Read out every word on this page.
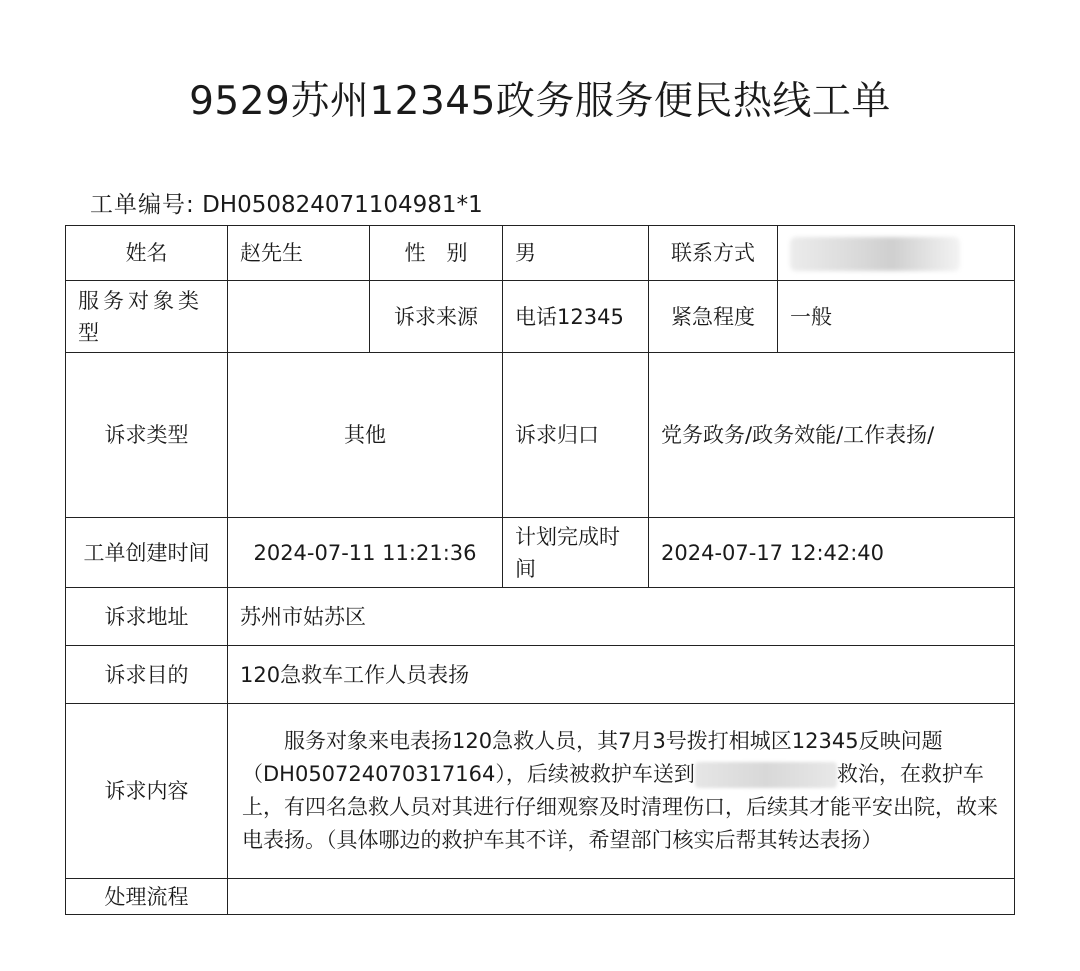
9529苏州12345政务服务便民热线工单
工单编号: DH050824071104981*1
姓名	赵先生	性　别	男	联系方式	
服务对象类型		诉求来源	电话12345	紧急程度	一般
诉求类型	其他		诉求归口	党务政务/政务效能/工作表扬/	
工单创建时间	2024-07-11 11:21:36		计划完成时间	2024-07-17 12:42:40	
诉求地址	苏州市姑苏区				
诉求目的	120急救车工作人员表扬				
诉求内容	服务对象来电表扬120急救人员，其7月3号拨打相城区12345反映问题（DH050724070317164），后续被救护车送到 救治，在救护车上，有四名急救人员对其进行仔细观察及时清理伤口，后续其才能平安出院，故来电表扬。（具体哪边的救护车其不详，希望部门核实后帮其转达表扬）				
处理流程					
